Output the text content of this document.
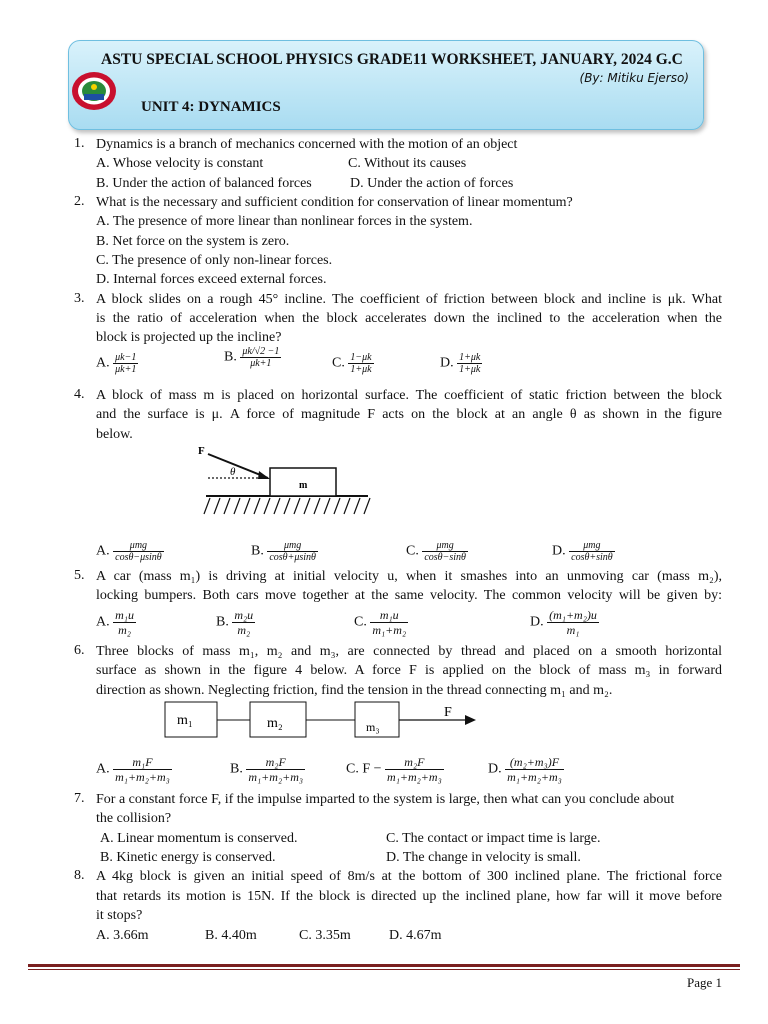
ASTU SPECIAL SCHOOL PHYSICS GRADE11 WORKSHEET, JANUARY, 2024 G.C
(By: Mitiku Ejerso)
UNIT 4: DYNAMICS
1. Dynamics is a branch of mechanics concerned with the motion of an object
A. Whose velocity is constant	C. Without its causes
B. Under the action of balanced forces	D. Under the action of forces
2. What is the necessary and sufficient condition for conservation of linear momentum?
A. The presence of more linear than nonlinear forces in the system.
B. Net force on the system is zero.
C. The presence of only non-linear forces.
D. Internal forces exceed external forces.
3. A block slides on a rough 45° incline. The coefficient of friction between block and incline is μk. What
is the ratio of acceleration when the block accelerates down the inclined to the acceleration when the
block is projected up the incline?
A. $\frac{\mu k-1}{\mu k+1}$	B. $\frac{\mu k/√2 -1}{\mu k+1}$	C. $\frac{1-\mu k}{1+\mu k}$	D. $\frac{1+\mu k}{1+\mu k}$
4. A block of mass m is placed on horizontal surface. The coefficient of static friction between the block
and the surface is μ. A force of magnitude F acts on the block at an angle θ as shown in the figure
below.
F
θ
m
A. $\frac{\text{μmg}}{\cos\theta-\mu\sin\theta}$	B. $\frac{\text{μmg}}{\cos\theta+\mu\sin\theta}$	C. $\frac{\text{μmg}}{\cos\theta-\sin\theta}$	D. $\frac{\text{μmg}}{\cos\theta+\sin\theta}$
5. A car (mass m₁) is driving at initial velocity u, when it smashes into an unmoving car (mass m₂),
locking bumpers. Both cars move together at the same velocity. The common velocity will be given by:
A. $\frac{\text{m₁u}}{\text{m₂}}$	B. $\frac{\text{m₂u}}{\text{m₂}}$	C. $\frac{\text{m₁u}}{\text{m₁+m₂}}$	D. $\frac{\text{(m₁+m₂)u}}{\text{m₁}}$
6. Three blocks of mass m₁, m₂ and m₃, are connected by thread and placed on a smooth horizontal
surface as shown in the figure 4 below. A force F is applied on the block of mass m₃ in forward
direction as shown. Neglecting friction, find the tension in the thread connecting m₁ and m₂.
m₁	m₂	m₃
F
A. $\frac{\text{m₁F}}{\text{m₁+m₂+m₃}}$	B. $\frac{\text{m₂F}}{\text{m₁+m₂+m₃}}$	C. $F - \frac{\text{m₂F}}{\text{m₁+m₂+m₃}}$	D. $\frac{\text{(m₂+m₃)F}}{\text{m₁+m₂+m₃}}$
7. For a constant force F, if the impulse imparted to the system is large, then what can you conclude about
the collision?
A. Linear momentum is conserved.	C. The contact or impact time is large.
B. Kinetic energy is conserved.	D. The change in velocity is small.
8. A 4kg block is given an initial speed of 8m/s at the bottom of 300 inclined plane. The frictional force
that retards its motion is 15N. If the block is directed up the inclined plane, how far will it move before
it stops?
A. 3.66m	B. 4.40m	C. 3.35m	D. 4.67m
Page 1
